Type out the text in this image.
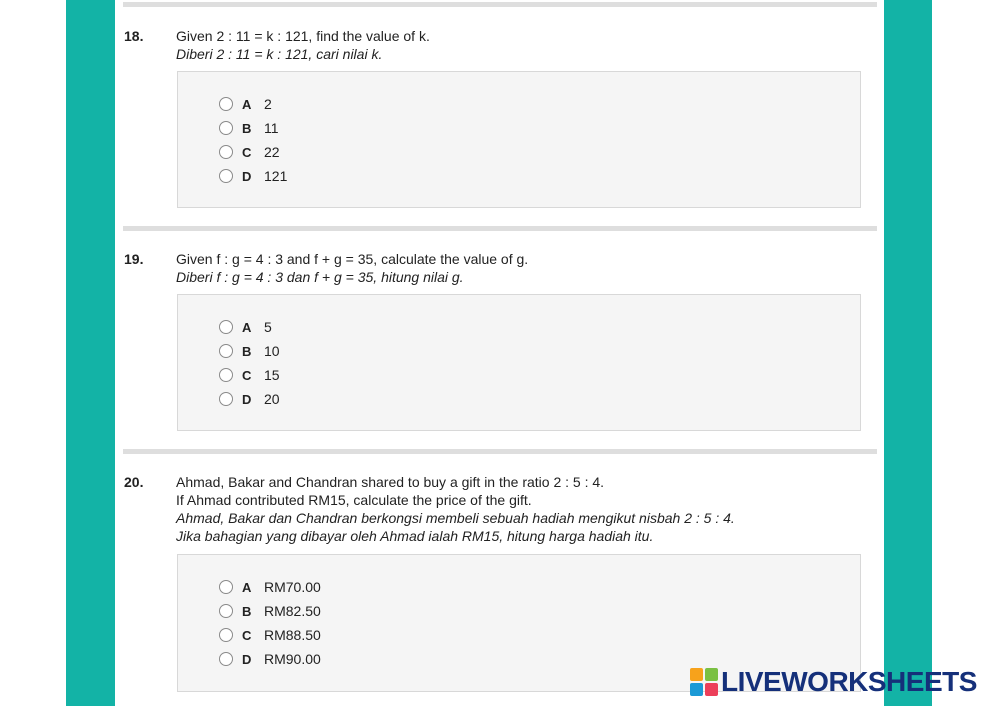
18. Given 2 : 11 = k : 121, find the value of k.
Diberi 2 : 11 = k : 121, cari nilai k.
A 2
B 11
C 22
D 121
19. Given f : g = 4 : 3 and f + g = 35, calculate the value of g.
Diberi f : g = 4 : 3 dan f + g = 35, hitung nilai g.
A 5
B 10
C 15
D 20
20. Ahmad, Bakar and Chandran shared to buy a gift in the ratio 2 : 5 : 4.
If Ahmad contributed RM15, calculate the price of the gift.
Ahmad, Bakar dan Chandran berkongsi membeli sebuah hadiah mengikut nisbah 2 : 5 : 4.
Jika bahagian yang dibayar oleh Ahmad ialah RM15, hitung harga hadiah itu.
A RM70.00
B RM82.50
C RM88.50
D RM90.00
LIVEWORKSHEETS
